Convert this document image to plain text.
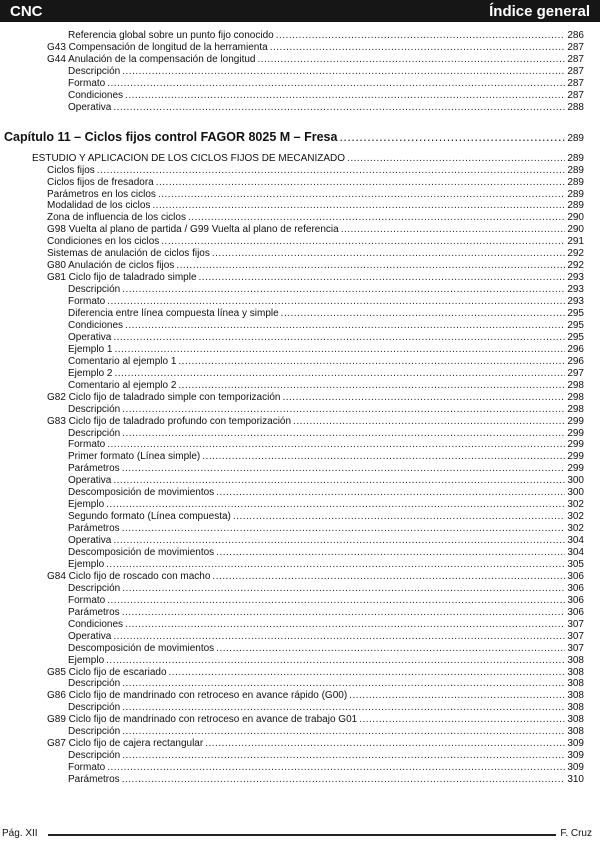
CNC	Índice general
Referencia global sobre un punto fijo conocido .....	286
G43 Compensación de longitud de la herramienta .....	287
G44 Anulación de la compensación de longitud .....	287
Descripción .....	287
Formato .....	287
Condiciones .....	287
Operativa .....	288
Capítulo 11 – Ciclos fijos control FAGOR 8025 M – Fresa .....	289
ESTUDIO Y APLICACIÓN DE LOS CICLOS FIJOS DE MECANIZADO .....	289
Ciclos fijos .....	289
Ciclos fijos de fresadora .....	289
Parámetros en los ciclos .....	289
Modalidad de los ciclos .....	289
Zona de influencia de los ciclos .....	290
G98 Vuelta al plano de partida / G99 Vuelta al plano de referencia .....	290
Condiciones en los ciclos .....	291
Sistemas de anulación de ciclos fijos .....	292
G80 Anulación de ciclos fijos .....	292
G81 Ciclo fijo de taladrado simple .....	293
Descripción .....	293
Formato .....	293
Diferencia entre línea compuesta línea y simple .....	295
Condiciones .....	295
Operativa .....	295
Ejemplo 1 .....	296
Comentario al ejemplo 1 .....	296
Ejemplo 2 .....	297
Comentario al ejemplo 2 .....	298
G82 Ciclo fijo de taladrado simple con temporización .....	298
Descripción .....	298
G83 Ciclo fijo de taladrado profundo con temporización .....	299
Descripción .....	299
Formato .....	299
Primer formato (Línea simple) .....	299
Parámetros .....	299
Operativa .....	300
Descomposición de movimientos .....	300
Ejemplo .....	302
Segundo formato (Línea compuesta) .....	302
Parámetros .....	302
Operativa .....	304
Descomposición de movimientos .....	304
Ejemplo .....	305
G84 Ciclo fijo de roscado con macho .....	306
Descripción .....	306
Formato .....	306
Parámetros .....	306
Condiciones .....	307
Operativa .....	307
Descomposición de movimientos .....	307
Ejemplo .....	308
G85 Ciclo fijo de escariado .....	308
Descripción .....	308
G86 Ciclo fijo de mandrinado con retroceso en avance rápido (G00) .....	308
Descripción .....	308
G89 Ciclo fijo de mandrinado con retroceso en avance de trabajo G01 .....	308
Descripción .....	308
G87 Ciclo fijo de cajera rectangular .....	309
Descripción .....	309
Formato .....	309
Parámetros .....	310
Pág. XII	F. Cruz
